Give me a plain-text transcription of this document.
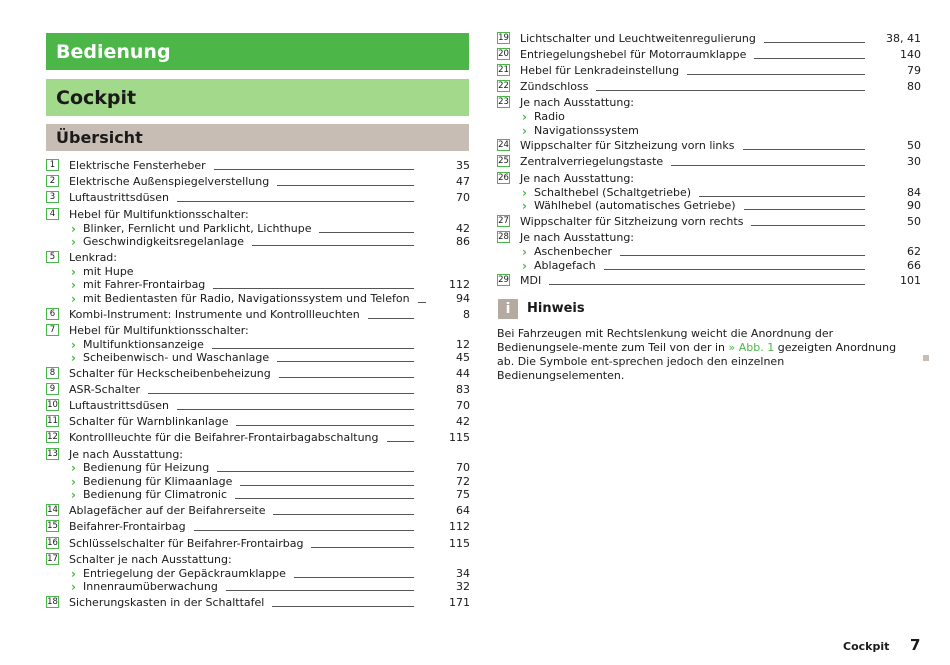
Bedienung
Cockpit
Übersicht
1	Elektrische Fensterheber	35
2	Elektrische Außenspiegelverstellung	47
3	Luftaustrittsdüsen	70
4	Hebel für Multifunktionsschalter:
› Blinker, Fernlicht und Parklicht, Lichthupe	42
› Geschwindigkeitsregelanlage	86
5	Lenkrad:
› mit Hupe
› mit Fahrer-Frontairbag	112
› mit Bedientasten für Radio, Navigationssystem und Telefon	94
6	Kombi-Instrument: Instrumente und Kontrollleuchten	8
7	Hebel für Multifunktionsschalter:
› Multifunktionsanzeige	12
› Scheibenwisch- und Waschanlage	45
8	Schalter für Heckscheibenbeheizung	44
9	ASR-Schalter	83
10 Luftaustrittsdüsen	70
11 Schalter für Warnblinkanlage	42
12 Kontrollleuchte für die Beifahrer-Frontairbagabschaltung	115
13 Je nach Ausstattung:
› Bedienung für Heizung	70
› Bedienung für Klimaanlage	72
› Bedienung für Climatronic	75
14 Ablagefächer auf der Beifahrerseite	64
15 Beifahrer-Frontairbag	112
16 Schlüsselschalter für Beifahrer-Frontairbag	115
17 Schalter je nach Ausstattung:
› Entriegelung der Gepäckraumklappe	34
› Innenraumüberwachung	32
18 Sicherungskasten in der Schalttafel	171
19 Lichtschalter und Leuchtweitenregulierung	38, 41
20 Entriegelungshebel für Motorraumklappe	140
21 Hebel für Lenkradeinstellung	79
22 Zündschloss	80
23 Je nach Ausstattung:
› Radio
› Navigationssystem
24 Wippschalter für Sitzheizung vorn links	50
25 Zentralverriegelungstaste	30
26 Je nach Ausstattung:
› Schalthebel (Schaltgetriebe)	84
› Wählhebel (automatisches Getriebe)	90
27 Wippschalter für Sitzheizung vorn rechts	50
28 Je nach Ausstattung:
› Aschenbecher	62
› Ablagefach	66
29 MDI	101
i	Hinweis
Bei Fahrzeugen mit Rechtslenkung weicht die Anordnung der Bedienungsele-mente zum Teil von der in » Abb. 1 gezeigten Anordnung ab. Die Symbole ent-sprechen jedoch den einzelnen Bedienungselementen.
Cockpit 7
